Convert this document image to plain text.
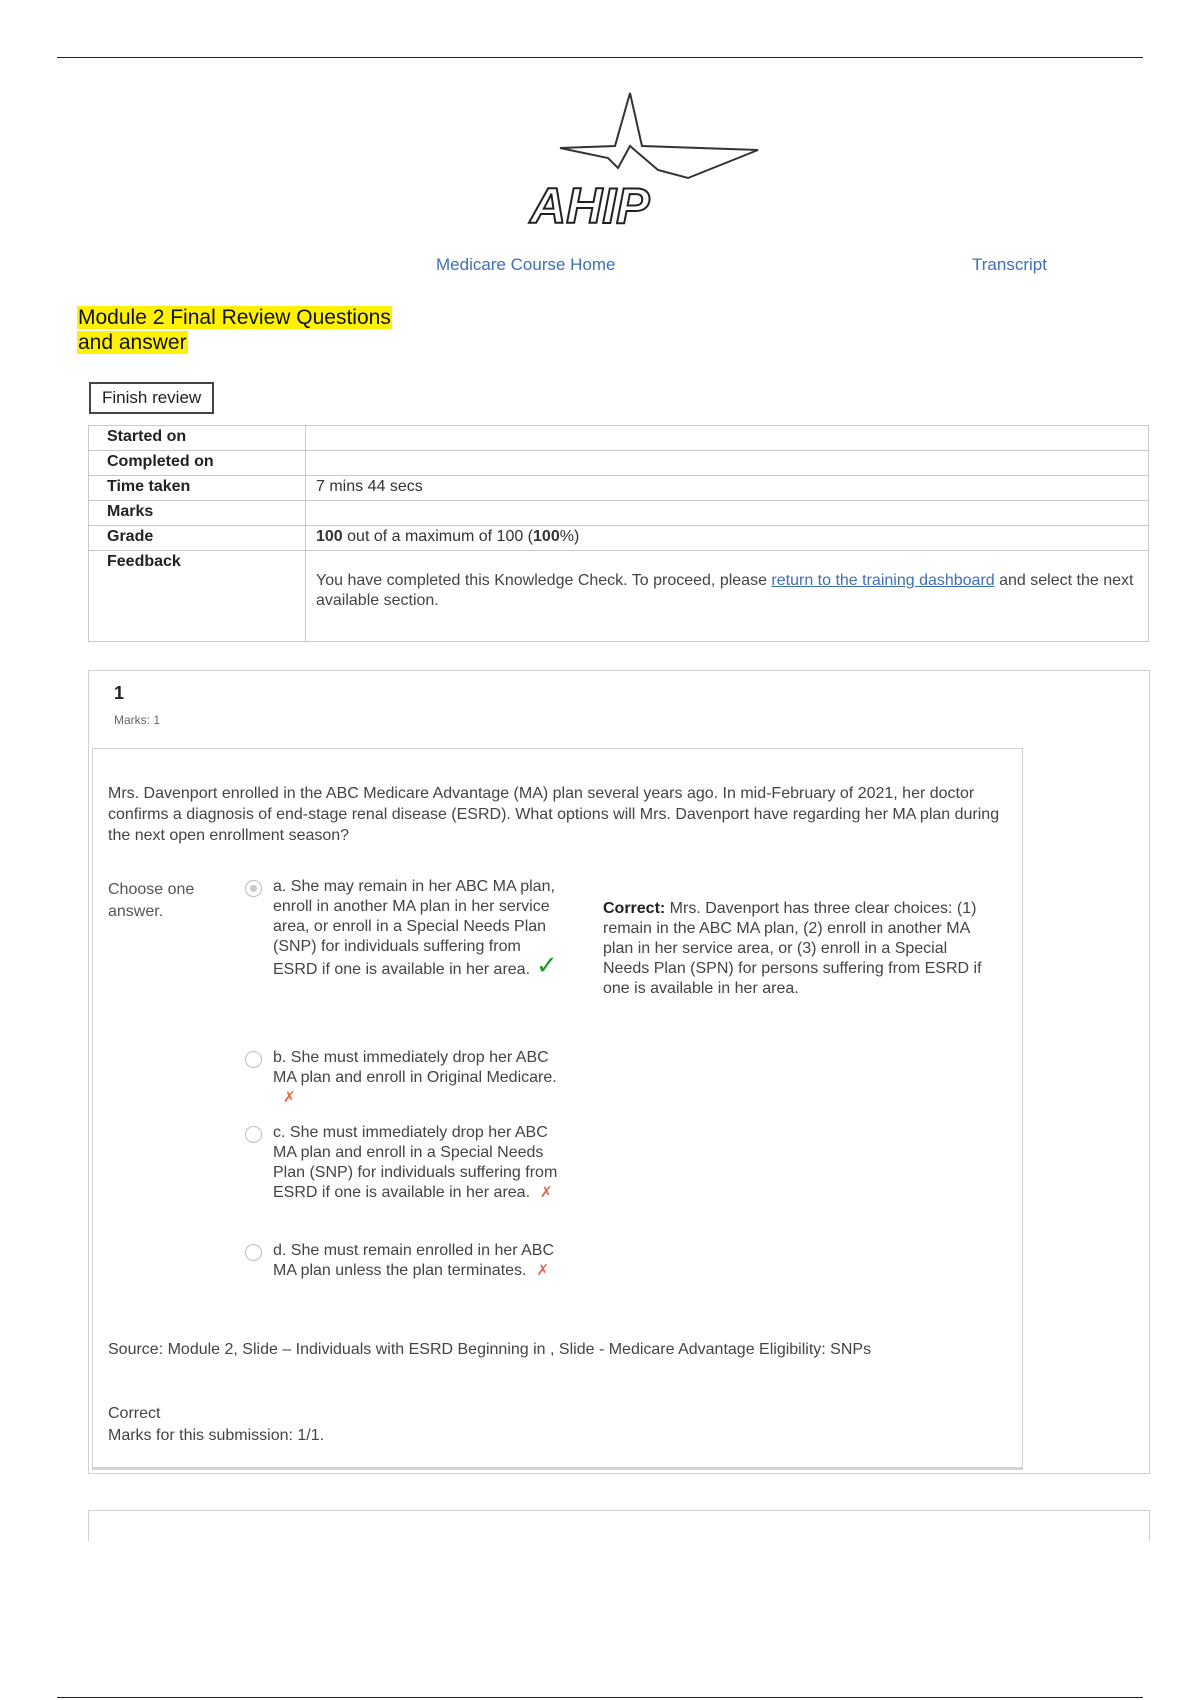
AHIP
Medicare Course Home	Transcript
Module 2 Final Review Questions
and answer
Finish review
Started on	
Completed on	
Time taken	7 mins 44 secs
Marks	
Grade	100 out of a maximum of 100 (100%)
Feedback	You have completed this Knowledge Check. To proceed, please return to the training dashboard and select the next available section.
1
Marks: 1
Mrs. Davenport enrolled in the ABC Medicare Advantage (MA) plan several years ago. In mid-February of 2021, her doctor confirms a diagnosis of end-stage renal disease (ESRD). What options will Mrs. Davenport have regarding her MA plan during the next open enrollment season?
Choose one answer.
a. She may remain in her ABC MA plan, enroll in another MA plan in her service area, or enroll in a Special Needs Plan (SNP) for individuals suffering from ESRD if one is available in her area. ✓
b. She must immediately drop her ABC MA plan and enroll in Original Medicare.✗
c. She must immediately drop her ABC MA plan and enroll in a Special Needs Plan (SNP) for individuals suffering from ESRD if one is available in her area. ✗
d. She must remain enrolled in her ABC MA plan unless the plan terminates. ✗
Correct: Mrs. Davenport has three clear choices: (1) remain in the ABC MA plan, (2) enroll in another MA plan in her service area, or (3) enroll in a Special Needs Plan (SPN) for persons suffering from ESRD if one is available in her area.
Source: Module 2, Slide – Individuals with ESRD Beginning in , Slide - Medicare Advantage Eligibility: SNPs
Correct
Marks for this submission: 1/1.
